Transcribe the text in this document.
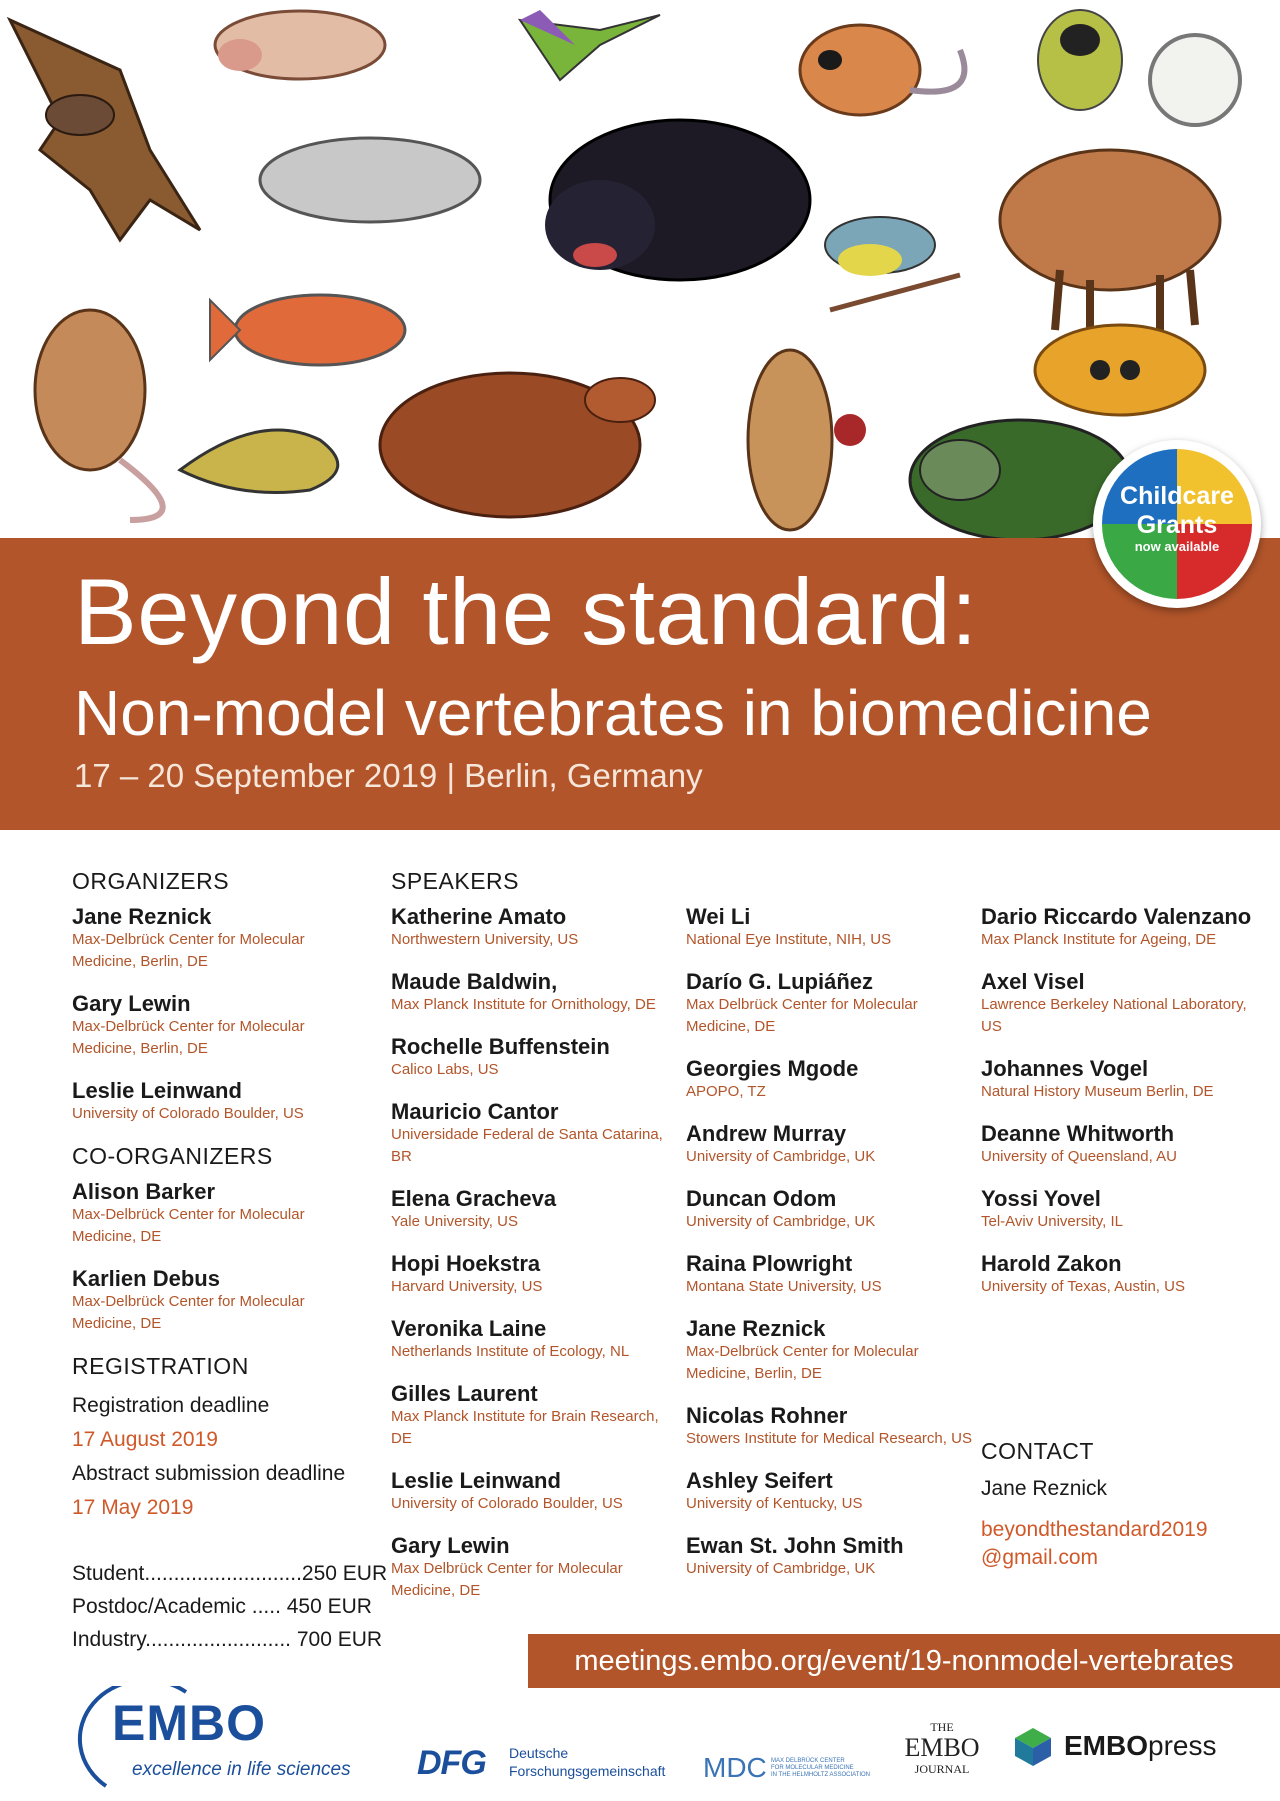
Beyond the standard:
Non-model vertebrates in biomedicine
17 – 20 September 2019 | Berlin, Germany
Childcare
Grants
now available
ORGANIZERS
Jane Reznick
Max-Delbrück Center for Molecular Medicine, Berlin, DE
Gary Lewin
Max-Delbrück Center for Molecular Medicine, Berlin, DE
Leslie Leinwand
University of Colorado Boulder, US
CO-ORGANIZERS
Alison Barker
Max-Delbrück Center for Molecular Medicine, DE
Karlien Debus
Max-Delbrück Center for Molecular Medicine, DE
REGISTRATION
Registration deadline
17 August 2019
Abstract submission deadline
17 May 2019
Student...........................250 EUR
Postdoc/Academic ..... 450 EUR
Industry......................... 700 EUR
SPEAKERS
Katherine Amato
Northwestern University, US
Maude Baldwin,
Max Planck Institute for Ornithology, DE
Rochelle Buffenstein
Calico Labs, US
Mauricio Cantor
Universidade Federal de Santa Catarina, BR
Elena Gracheva
Yale University, US
Hopi Hoekstra
Harvard University, US
Veronika Laine
Netherlands Institute of Ecology, NL
Gilles Laurent
Max Planck Institute for Brain Research, DE
Leslie Leinwand
University of Colorado Boulder, US
Gary Lewin
Max Delbrück Center for Molecular Medicine, DE
Wei Li
National Eye Institute, NIH, US
Darío G. Lupiáñez
Max Delbrück Center for Molecular Medicine, DE
Georgies Mgode
APOPO, TZ
Andrew Murray
University of Cambridge, UK
Duncan Odom
University of Cambridge, UK
Raina Plowright
Montana State University, US
Jane Reznick
Max-Delbrück Center for Molecular Medicine, Berlin, DE
Nicolas Rohner
Stowers Institute for Medical Research, US
Ashley Seifert
University of Kentucky, US
Ewan St. John Smith
University of Cambridge, UK
Dario Riccardo Valenzano
Max Planck Institute for Ageing, DE
Axel Visel
Lawrence Berkeley National Laboratory, US
Johannes Vogel
Natural History Museum Berlin, DE
Deanne Whitworth
University of Queensland, AU
Yossi Yovel
Tel-Aviv University, IL
Harold Zakon
University of Texas, Austin, US
CONTACT
Jane Reznick
beyondthestandard2019
@gmail.com
meetings.embo.org/event/19-nonmodel-vertebrates
EMBO
excellence in life sciences DFG Deutsche
Forschungsgemeinschaft MDC MAX DELBRÜCK CENTER
FOR MOLECULAR MEDICINE
IN THE HELMHOLTZ ASSOCIATION
THE
EMBO
JOURNAL
EMBOpress
